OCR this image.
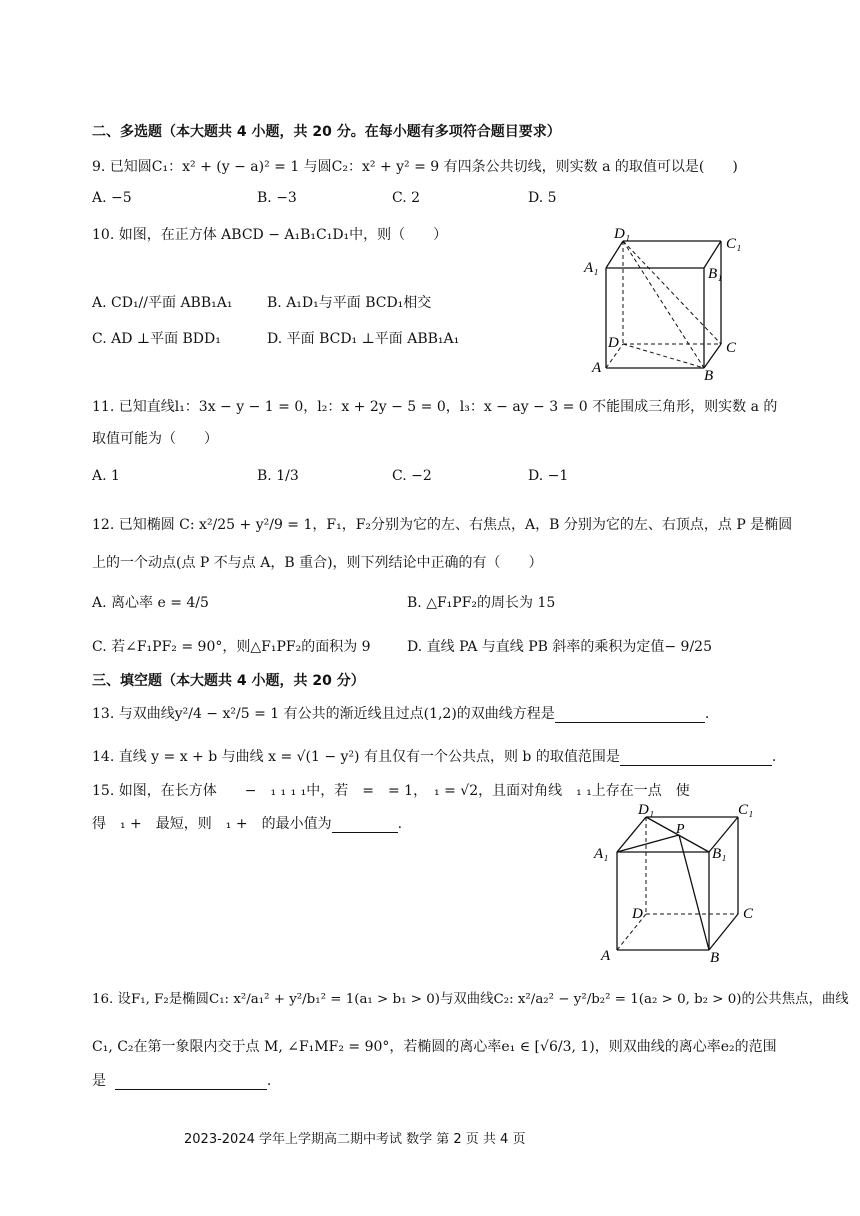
二、多选题（本大题共 4 小题，共 20 分。在每小题有多项符合题目要求）
9. 已知圆C₁：x² + (y − a)² = 1 与圆C₂：x² + y² = 9 有四条公共切线，则实数 a 的取值可以是(　　)
A. −5	B. −3	C. 2	D. 5
10. 如图，在正方体 ABCD − A₁B₁C₁D₁中，则（　　）
A. CD₁//平面 ABB₁A₁ B. A₁D₁与平面 BCD₁相交
C. AD ⊥平面 BDD₁	D. 平面 BCD₁ ⊥平面 ABB₁A₁
D₁
C₁
A₁	B₁
D	C
A	B
11. 已知直线l₁：3x − y − 1 = 0，l₂：x + 2y − 5 = 0，l₃：x − ay − 3 = 0 不能围成三角形，则实数 a 的
取值可能为（　　）
A. 1	B. 1/3	C. −2	D. −1
12. 已知椭圆 C: x²/25 + y²/9 = 1，F₁，F₂分别为它的左、右焦点，A，B 分别为它的左、右顶点，点 P 是椭圆
上的一个动点(点 P 不与点 A，B 重合)，则下列结论中正确的有（　　）
A. 离心率 e = 4/5	B. △F₁PF₂的周长为 15
C. 若∠F₁PF₂ = 90°，则△F₁PF₂的面积为 9	D. 直线 PA 与直线 PB 斜率的乘积为定值− 9/25
三、填空题（本大题共 4 小题，共 20 分）
13. 与双曲线y²/4 − x²/5 = 1 有公共的渐近线且过点(1,2)的双曲线方程是	.
14. 直线 y = x + b 与曲线 x = √(1 − y²) 有且仅有一个公共点，则 b 的取值范围是	.
15. 如图，在长方体　　−　₁ ₁ ₁ ₁中，若　=　= 1，　₁ = √2，且面对角线　₁ ₁上存在一点　使
得　₁ +　最短，则　₁ +　的最小值为	.
D₁
P
C₁
A₁	B₁
D	C
A	B
16. 设F₁, F₂是椭圆C₁: x²/a₁² + y²/b₁² = 1(a₁ > b₁ > 0)与双曲线C₂: x²/a₂² − y²/b₂² = 1(a₂ > 0, b₂ > 0)的公共焦点，曲线
C₁, C₂在第一象限内交于点 M, ∠F₁MF₂ = 90°，若椭圆的离心率e₁ ∈ [√6/3, 1)，则双曲线的离心率e₂的范围
是	.
2023-2024 学年上学期高二期中考试 数学 第 2 页 共 4 页
